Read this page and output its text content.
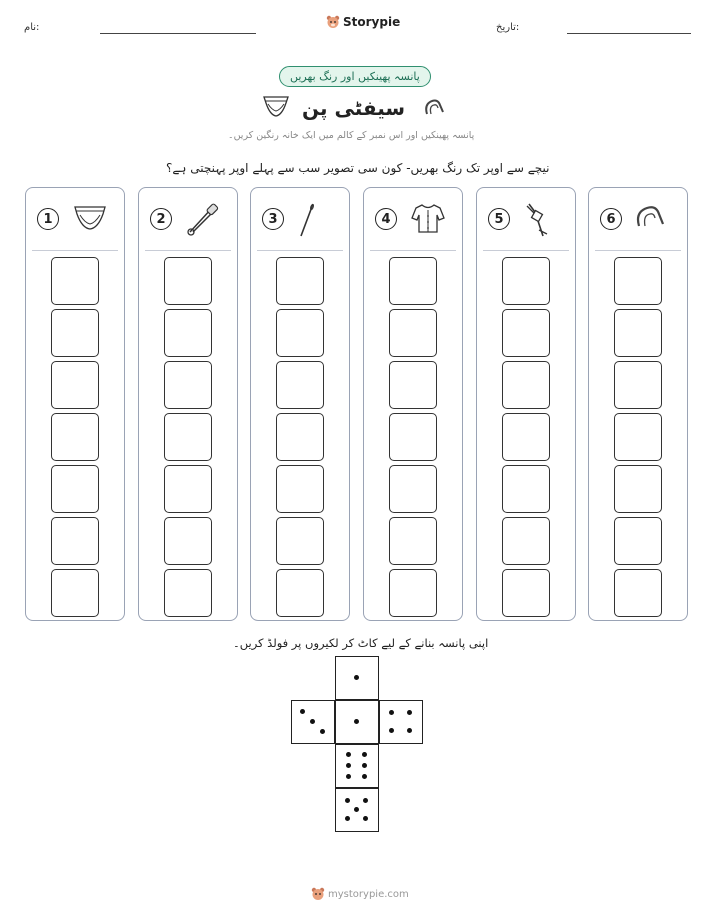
نام:	Storypie	تاریخ:
پانسہ پھینکیں اور رنگ بھریں
سیفٹی پن
پانسہ پھینکیں اور اس نمبر کے کالم میں ایک خانہ رنگین کریں۔
نیچے سے اوپر تک رنگ بھریں- کون سی تصویر سب سے پہلے اوپر پہنچتی ہے؟
1	2	3	4	5	6
اپنی پانسہ بنانے کے لیے کاٹ کر لکیروں پر فولڈ کریں۔
mystorypie.com
